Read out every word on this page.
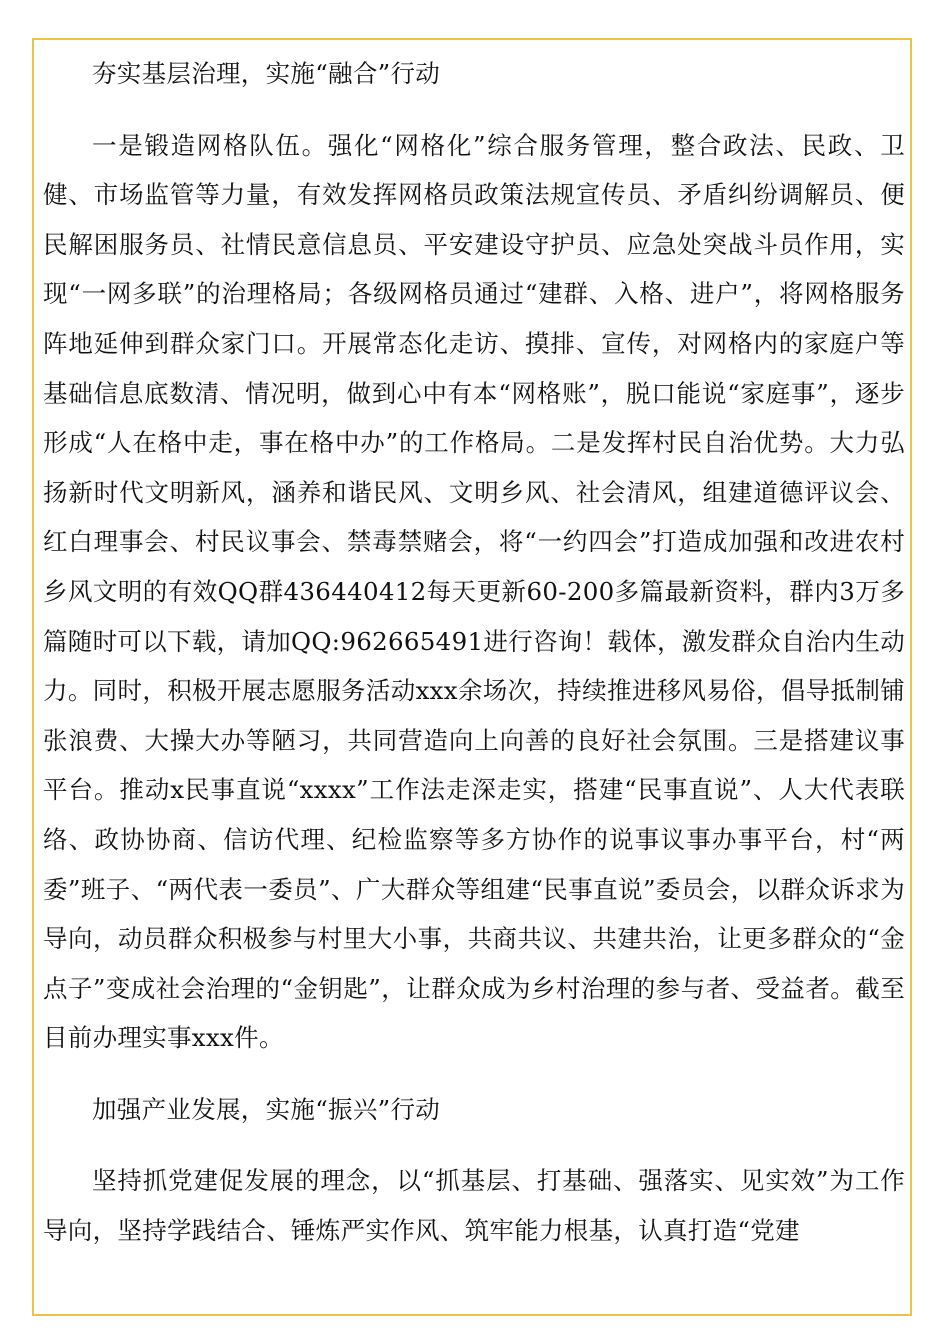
夯实基层治理，实施“融合”行动

一是锻造网格队伍。强化“网格化”综合服务管理，整合政法、民政、卫健、市场监管等力量，有效发挥网格员政策法规宣传员、矛盾纠纷调解员、便民解困服务员、社情民意信息员、平安建设守护员、应急处突战斗员作用，实现“一网多联”的治理格局；各级网格员通过“建群、入格、进户”，将网格服务阵地延伸到群众家门口。开展常态化走访、摸排、宣传，对网格内的家庭户等基础信息底数清、情况明，做到心中有本“网格账”，脱口能说“家庭事”，逐步形成“人在格中走，事在格中办”的工作格局。二是发挥村民自治优势。大力弘扬新时代文明新风，涵养和谐民风、文明乡风、社会清风，组建道德评议会、红白理事会、村民议事会、禁毒禁赌会，将“一约四会”打造成加强和改进农村乡风文明的有效QQ群436440412每天更新60-200多篇最新资料，群内3万多篇随时可以下载，请加QQ:962665491进行咨询！载体，激发群众自治内生动力。同时，积极开展志愿服务活动xxx余场次，持续推进移风易俗，倡导抵制铺张浪费、大操大办等陋习，共同营造向上向善的良好社会氛围。三是搭建议事平台。推动x民事直说“xxxx”工作法走深走实，搭建“民事直说”、人大代表联络、政协协商、信访代理、纪检监察等多方协作的说事议事办事平台，村“两委”班子、“两代表一委员”、广大群众等组建“民事直说”委员会，以群众诉求为导向，动员群众积极参与村里大小事，共商共议、共建共治，让更多群众的“金点子”变成社会治理的“金钥匙”，让群众成为乡村治理的参与者、受益者。截至目前办理实事xxx件。

加强产业发展，实施“振兴”行动

坚持抓党建促发展的理念，以“抓基层、打基础、强落实、见实效”为工作导向，坚持学践结合、锤炼严实作风、筑牢能力根基，认真打造“党建
